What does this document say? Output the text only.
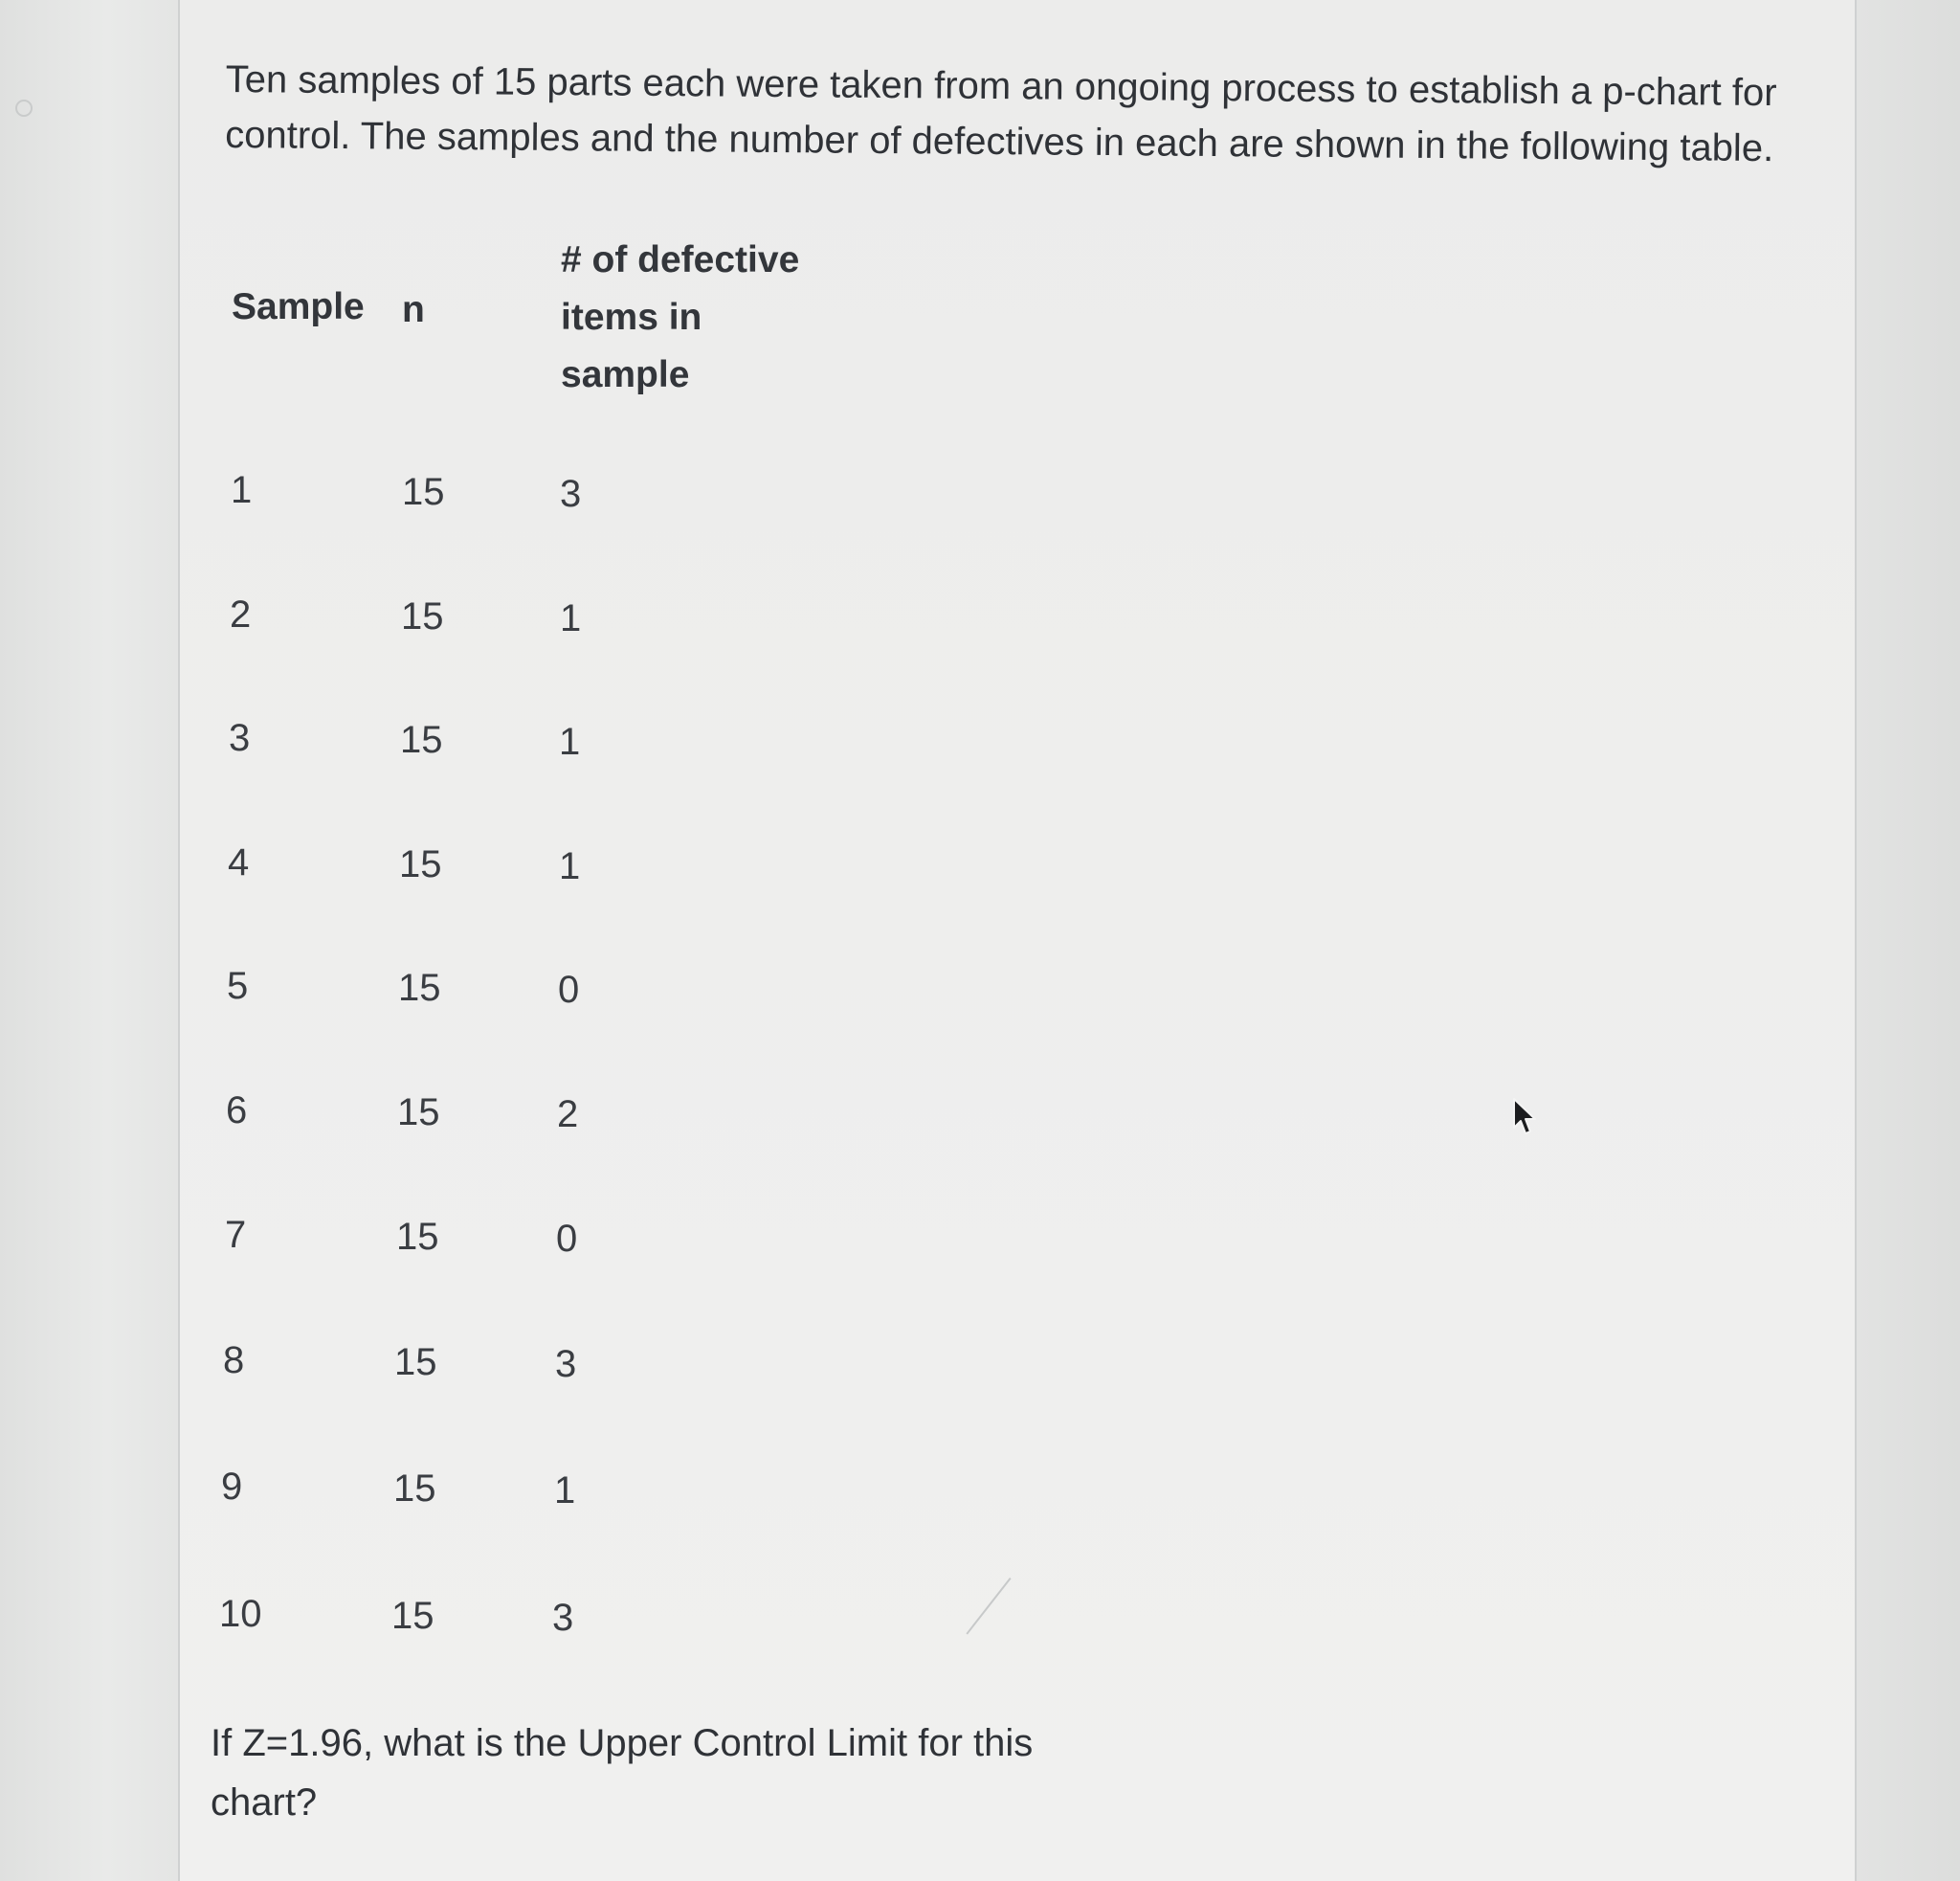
Ten samples of 15 parts each were taken from an ongoing process to establish a p-chart for control. The samples and the number of defectives in each are shown in the following table.

Sample n
# of defective
items in
sample
1	15	3
2	15	1
3	15	1
4	15	1
5	15	0
6	15	2
7	15	0
8	15	3
9	15	1
10	15	3

If Z=1.96, what is the Upper Control Limit for this chart?
